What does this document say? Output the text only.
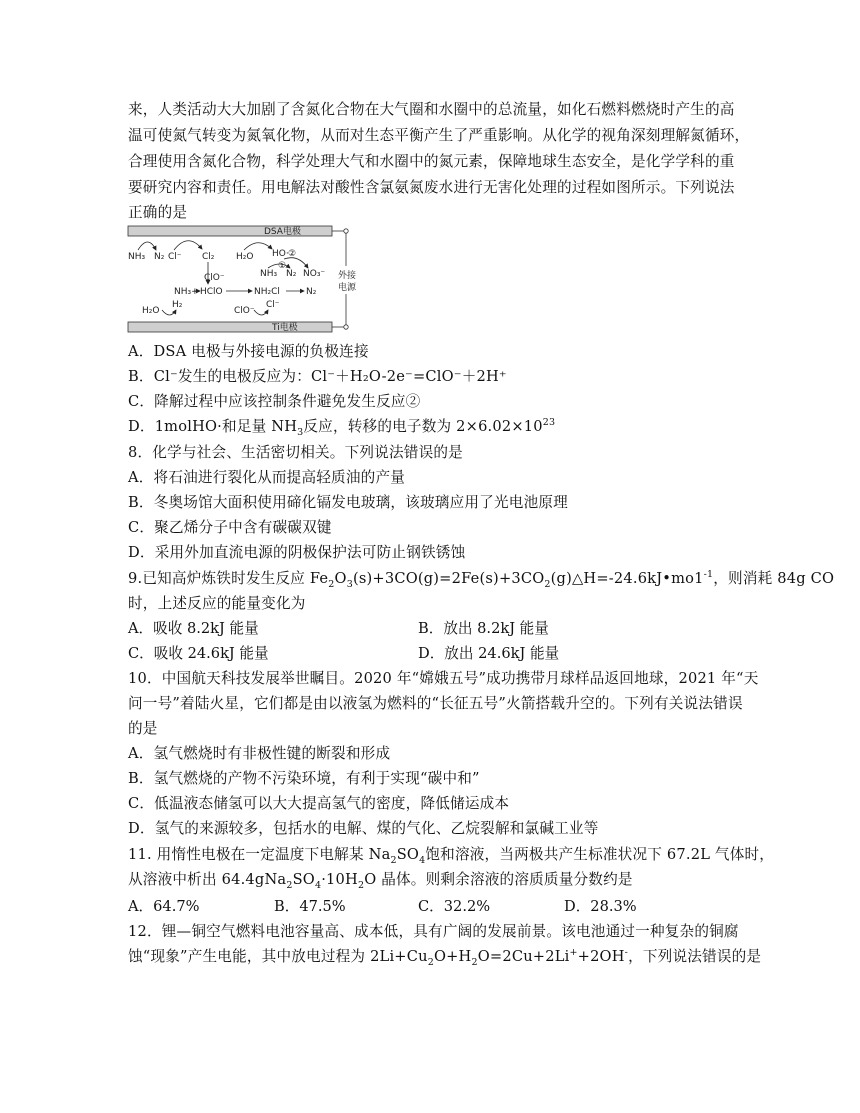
来，人类活动大大加剧了含氮化合物在大气圈和水圈中的总流量，如化石燃料燃烧时产生的高
温可使氮气转变为氮氧化物，从而对生态平衡产生了严重影响。从化学的视角深刻理解氮循环，
合理使用含氮化合物，科学处理大气和水圈中的氮元素，保障地球生态安全，是化学学科的重
要研究内容和责任。用电解法对酸性含氯氨氮废水进行无害化处理的过程如图所示。下列说法
正确的是
DSA电极
Ti电极
外接
电源
NH₃ N₂ Cl⁻ Cl₂ H₂O HO· ②
①
NH₃ N₂ NO₃⁻
ClO⁻
NH₃+ HClO	NH₂Cl	N₂
H₂O
H₂
ClO⁻
Cl⁻
A．DSA 电极与外接电源的负极连接
B．Cl⁻发生的电极反应为：Cl⁻＋H₂O-2e⁻=ClO⁻＋2H⁺
C．降解过程中应该控制条件避免发生反应②
D．1molHO·和足量 $NH_3$反应，转移的电子数为 $2\times 6.02\times 10^{23}$
8．化学与社会、生活密切相关。下列说法错误的是
A．将石油进行裂化从而提高轻质油的产量
B．冬奥场馆大面积使用碲化镉发电玻璃，该玻璃应用了光电池原理
C．聚乙烯分子中含有碳碳双键
D．采用外加直流电源的阴极保护法可防止钢铁锈蚀
9.已知高炉炼铁时发生反应 $Fe_2O_3(s)+3CO(g)=2Fe(s)+3CO_2(g)\triangle H=-24.6kJ•mo1^{-1}$，则消耗 84g CO
时，上述反应的能量变化为
A．吸收 8.2kJ 能量	B．放出 8.2kJ 能量
C．吸收 24.6kJ 能量	D．放出 24.6kJ 能量
10．中国航天科技发展举世瞩目。2020 年“嫦娥五号”成功携带月球样品返回地球，2021 年“天
问一号”着陆火星，它们都是由以液氢为燃料的“长征五号”火箭搭载升空的。下列有关说法错误
的是
A．氢气燃烧时有非极性键的断裂和形成
B．氢气燃烧的产物不污染环境，有利于实现“碳中和”
C．低温液态储氢可以大大提高氢气的密度，降低储运成本
D．氢气的来源较多，包括水的电解、煤的气化、乙烷裂解和氯碱工业等
11. 用惰性电极在一定温度下电解某 $Na_2SO_4$饱和溶液，当两极共产生标准状况下 67.2L 气体时，
从溶液中析出 $64.4gNa_2SO_4\cdot 10H_2O$ 晶体。则剩余溶液的溶质质量分数约是
A．64.7%	B．47.5%	C．32.2%	D．28.3%
12．锂—铜空气燃料电池容量高、成本低，具有广阔的发展前景。该电池通过一种复杂的铜腐
蚀“现象”产生电能，其中放电过程为 $2Li+Cu_2O+H_2O=2Cu+2Li^++2OH^-$，下列说法错误的是
